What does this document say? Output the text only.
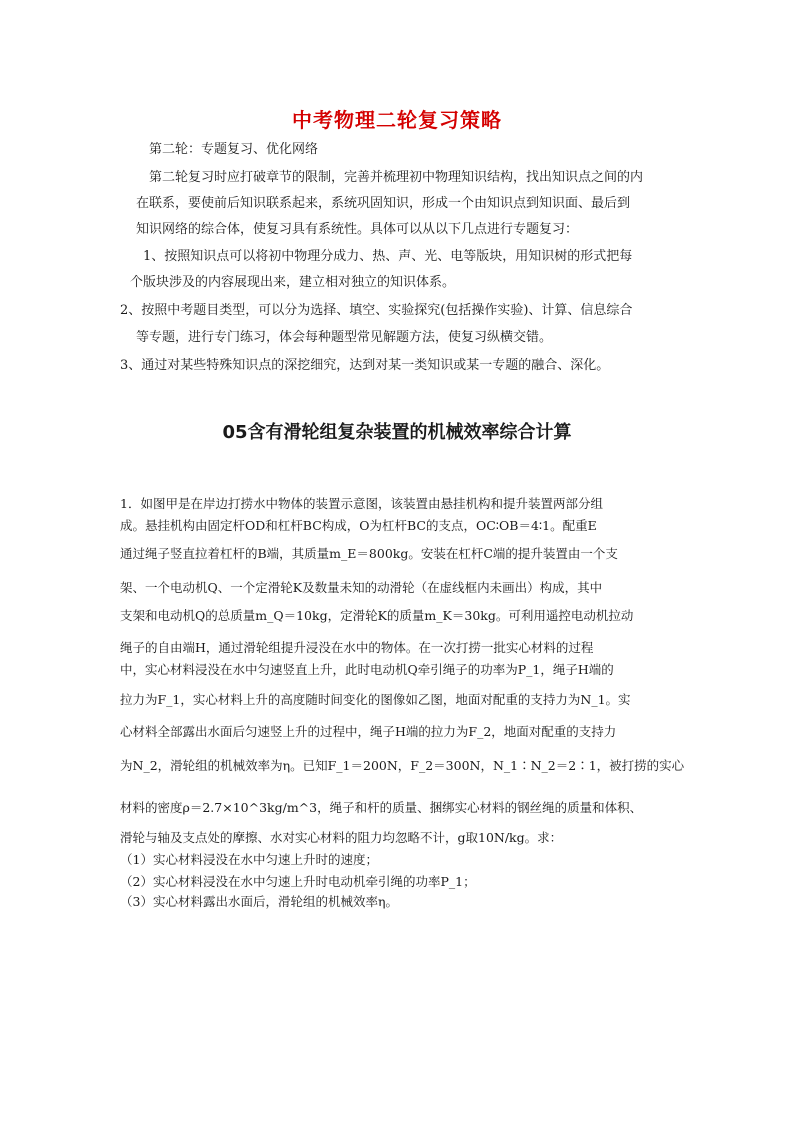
中考物理二轮复习策略
第二轮：专题复习、优化网络
第二轮复习时应打破章节的限制，完善并梳理初中物理知识结构，找出知识点之间的内
在联系，要使前后知识联系起来，系统巩固知识，形成一个由知识点到知识面、最后到
知识网络的综合体，使复习具有系统性。具体可以从以下几点进行专题复习：
1、按照知识点可以将初中物理分成力、热、声、光、电等版块，用知识树的形式把每
个版块涉及的内容展现出来，建立相对独立的知识体系。
2、按照中考题目类型，可以分为选择、填空、实验探究(包括操作实验)、计算、信息综合
等专题，进行专门练习，体会每种题型常见解题方法，使复习纵横交错。
3、通过对某些特殊知识点的深挖细究，达到对某一类知识或某一专题的融合、深化。
05含有滑轮组复杂装置的机械效率综合计算
1．如图甲是在岸边打捞水中物体的装置示意图，该装置由悬挂机构和提升装置两部分组
成。悬挂机构由固定杆OD和杠杆BC构成，O为杠杆BC的支点，OC∶OB＝4∶1。配重E
通过绳子竖直拉着杠杆的B端，其质量m_E＝800kg。安装在杠杆C端的提升装置由一个支
架、一个电动机Q、一个定滑轮K及数量未知的动滑轮（在虚线框内未画出）构成，其中
支架和电动机Q的总质量m_Q＝10kg，定滑轮K的质量m_K＝30kg。可利用遥控电动机拉动
绳子的自由端H，通过滑轮组提升浸没在水中的物体。在一次打捞一批实心材料的过程
中，实心材料浸没在水中匀速竖直上升，此时电动机Q牵引绳子的功率为P_1，绳子H端的
拉力为F_1，实心材料上升的高度随时间变化的图像如乙图，地面对配重的支持力为N_1。实
心材料全部露出水面后匀速竖上升的过程中，绳子H端的拉力为F_2，地面对配重的支持力
为N_2，滑轮组的机械效率为η。已知F_1＝200N，F_2＝300N，N_1∶N_2＝2∶1，被打捞的实心
材料的密度ρ＝2.7×10^3kg/m^3，绳子和杆的质量、捆绑实心材料的钢丝绳的质量和体积、
滑轮与轴及支点处的摩擦、水对实心材料的阻力均忽略不计，g取10N/kg。求：
（1）实心材料浸没在水中匀速上升时的速度；
（2）实心材料浸没在水中匀速上升时电动机牵引绳的功率P_1；
（3）实心材料露出水面后，滑轮组的机械效率η。
